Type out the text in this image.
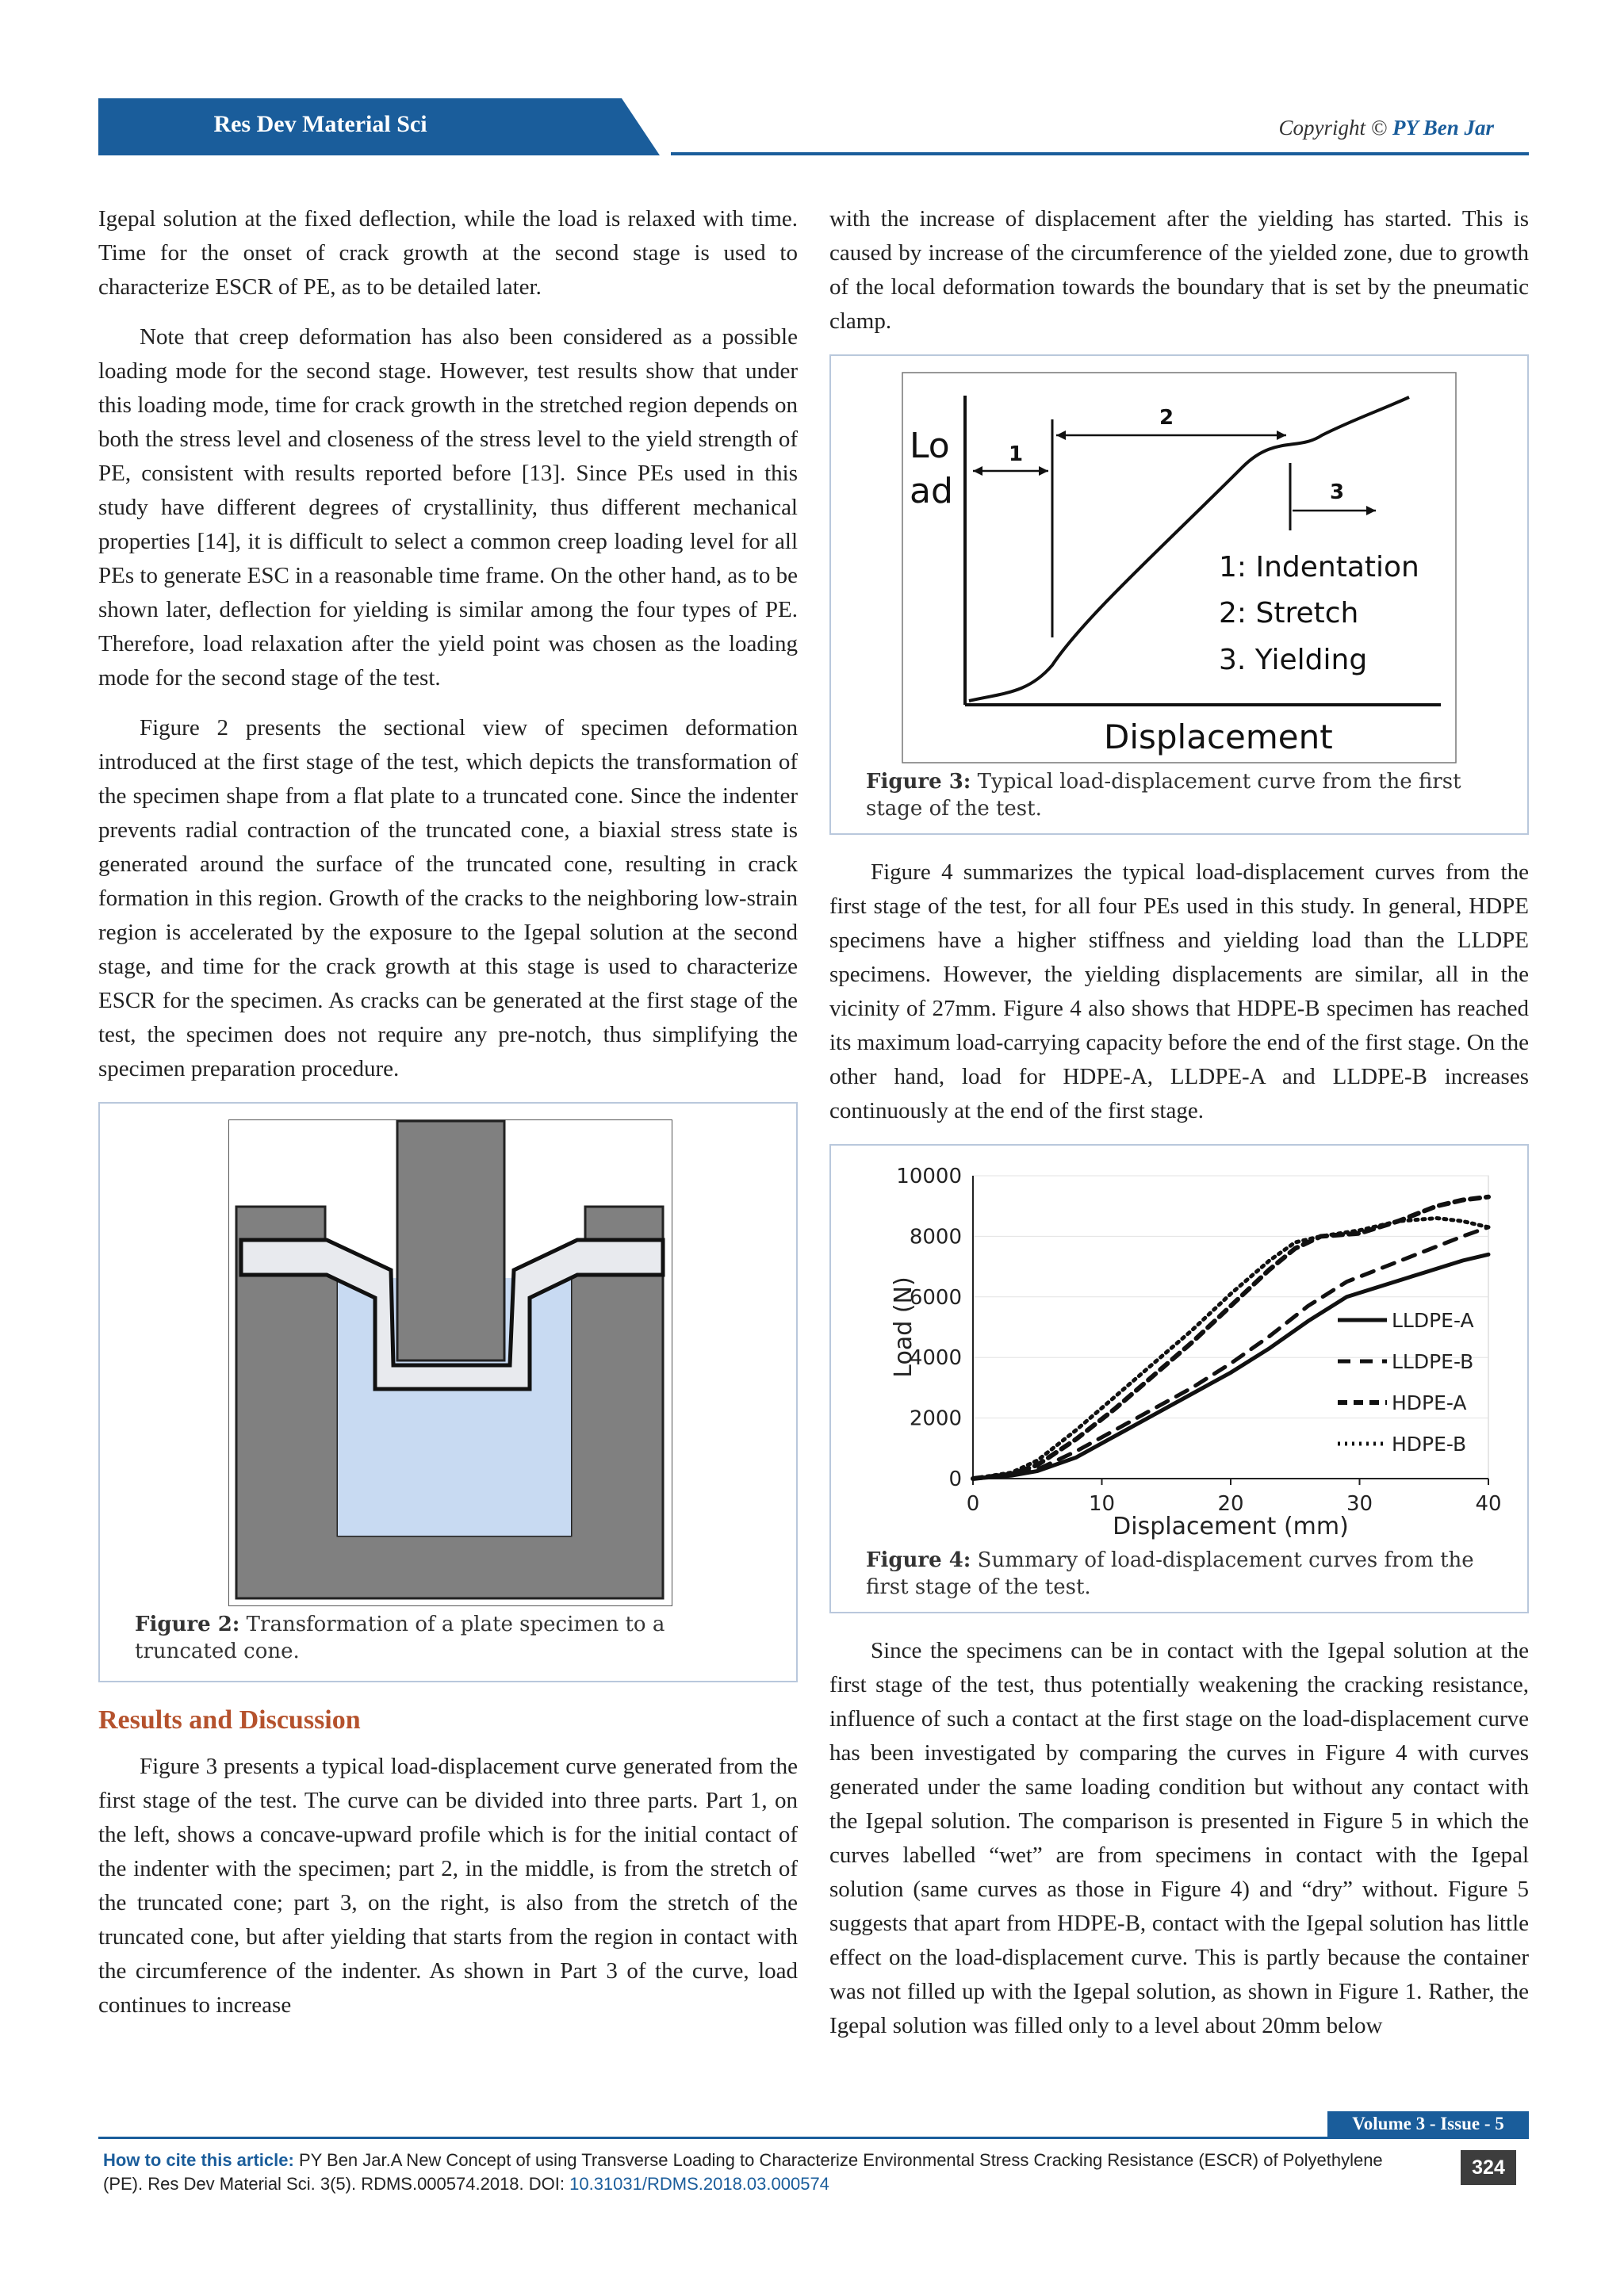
Res Dev Material Sci	Copyright © PY Ben Jar

Igepal solution at the fixed deflection, while the load is relaxed with time. Time for the onset of crack growth at the second stage is used to characterize ESCR of PE, as to be detailed later.

Note that creep deformation has also been considered as a possible loading mode for the second stage. However, test results show that under this loading mode, time for crack growth in the stretched region depends on both the stress level and closeness of the stress level to the yield strength of PE, consistent with results reported before [13]. Since PEs used in this study have different degrees of crystallinity, thus different mechanical properties [14], it is difficult to select a common creep loading level for all PEs to generate ESC in a reasonable time frame. On the other hand, as to be shown later, deflection for yielding is similar among the four types of PE. Therefore, load relaxation after the yield point was chosen as the loading mode for the second stage of the test.

Figure 2 presents the sectional view of specimen deformation introduced at the first stage of the test, which depicts the transformation of the specimen shape from a flat plate to a truncated cone. Since the indenter prevents radial contraction of the truncated cone, a biaxial stress state is generated around the surface of the truncated cone, resulting in crack formation in this region. Growth of the cracks to the neighboring low-strain region is accelerated by the exposure to the Igepal solution at the second stage, and time for the crack growth at this stage is used to characterize ESCR for the specimen. As cracks can be generated at the first stage of the test, the specimen does not require any pre-notch, thus simplifying the specimen preparation procedure.

Figure 2: Transformation of a plate specimen to a truncated cone.
Results and Discussion

Figure 3 presents a typical load-displacement curve generated from the first stage of the test. The curve can be divided into three parts. Part 1, on the left, shows a concave-upward profile which is for the initial contact of the indenter with the specimen; part 2, in the middle, is from the stretch of the truncated cone; part 3, on the right, is also from the stretch of the truncated cone, but after yielding that starts from the region in contact with the circumference of the indenter. As shown in Part 3 of the curve, load continues to increase

with the increase of displacement after the yielding has started. This is caused by increase of the circumference of the yielded zone, due to growth of the local deformation towards the boundary that is set by the pneumatic clamp.

Lo
ad
1
2
3
1: Indentation
2: Stretch
3. Yielding
Displacement
Figure 3: Typical load-displacement curve from the first stage of the test.

Figure 4 summarizes the typical load-displacement curves from the first stage of the test, for all four PEs used in this study. In general, HDPE specimens have a higher stiffness and yielding load than the LLDPE specimens. However, the yielding displacements are similar, all in the vicinity of 27mm. Figure 4 also shows that HDPE-B specimen has reached its maximum load-carrying capacity before the end of the first stage. On the other hand, load for HDPE-A, LLDPE-A and LLDPE-B increases continuously at the end of the first stage.

0
2000
4000
6000
8000
10000
0	10	20	30	40
Displacement (mm)
Load (N)	LLDPE-A
LLDPE-B
HDPE-A
HDPE-B
Figure 4: Summary of load-displacement curves from the first stage of the test.

Since the specimens can be in contact with the Igepal solution at the first stage of the test, thus potentially weakening the cracking resistance, influence of such a contact at the first stage on the load-displacement curve has been investigated by comparing the curves in Figure 4 with curves generated under the same loading condition but without any contact with the Igepal solution. The comparison is presented in Figure 5 in which the curves labelled “wet” are from specimens in contact with the Igepal solution (same curves as those in Figure 4) and “dry” without. Figure 5 suggests that apart from HDPE-B, contact with the Igepal solution has little effect on the load-displacement curve. This is partly because the container was not filled up with the Igepal solution, as shown in Figure 1. Rather, the Igepal solution was filled only to a level about 20mm below

Volume 3 - Issue - 5
How to cite this article: PY Ben Jar.A New Concept of using Transverse Loading to Characterize Environmental Stress Cracking Resistance (ESCR) of Polyethylene (PE). Res Dev Material Sci. 3(5). RDMS.000574.2018. DOI: 10.31031/RDMS.2018.03.000574
324
